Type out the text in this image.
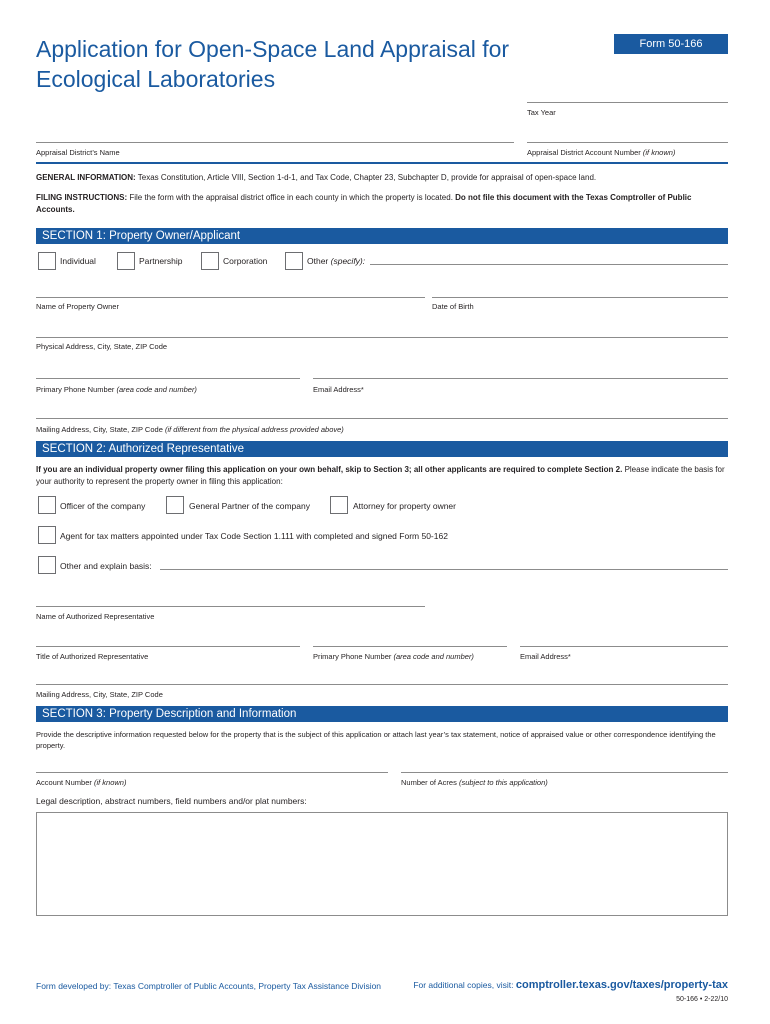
Application for Open-Space Land Appraisal for
Ecological Laboratories
Form 50-166
Tax Year
Appraisal District’s Name	Appraisal District Account Number (if known)
GENERAL INFORMATION: Texas Constitution, Article VIII, Section 1-d-1, and Tax Code, Chapter 23, Subchapter D, provide for appraisal of open-space land.
FILING INSTRUCTIONS: File the form with the appraisal district office in each county in which the property is located. Do not file this document with the Texas Comptroller of Public Accounts.
SECTION 1: Property Owner/Applicant
Individual	Partnership	Corporation	Other (specify):
Name of Property Owner	Date of Birth
Physical Address, City, State, ZIP Code
Primary Phone Number (area code and number)	Email Address*
Mailing Address, City, State, ZIP Code (if different from the physical address provided above)
SECTION 2: Authorized Representative
If you are an individual property owner filing this application on your own behalf, skip to Section 3; all other applicants are required to complete Section 2. Please indicate the basis for your authority to represent the property owner in filing this application:
Officer of the company	General Partner of the company	Attorney for property owner
Agent for tax matters appointed under Tax Code Section 1.111 with completed and signed Form 50-162
Other and explain basis:
Name of Authorized Representative
Title of Authorized Representative	Primary Phone Number (area code and number)	Email Address*
Mailing Address, City, State, ZIP Code
SECTION 3: Property Description and Information
Provide the descriptive information requested below for the property that is the subject of this application or attach last year’s tax statement, notice of appraised value or other correspondence identifying the property.
Account Number (if known)	Number of Acres (subject to this application)
Legal description, abstract numbers, field numbers and/or plat numbers:
Form developed by: Texas Comptroller of Public Accounts, Property Tax Assistance Division	For additional copies, visit: comptroller.texas.gov/taxes/property-tax
50-166 • 2-22/10
